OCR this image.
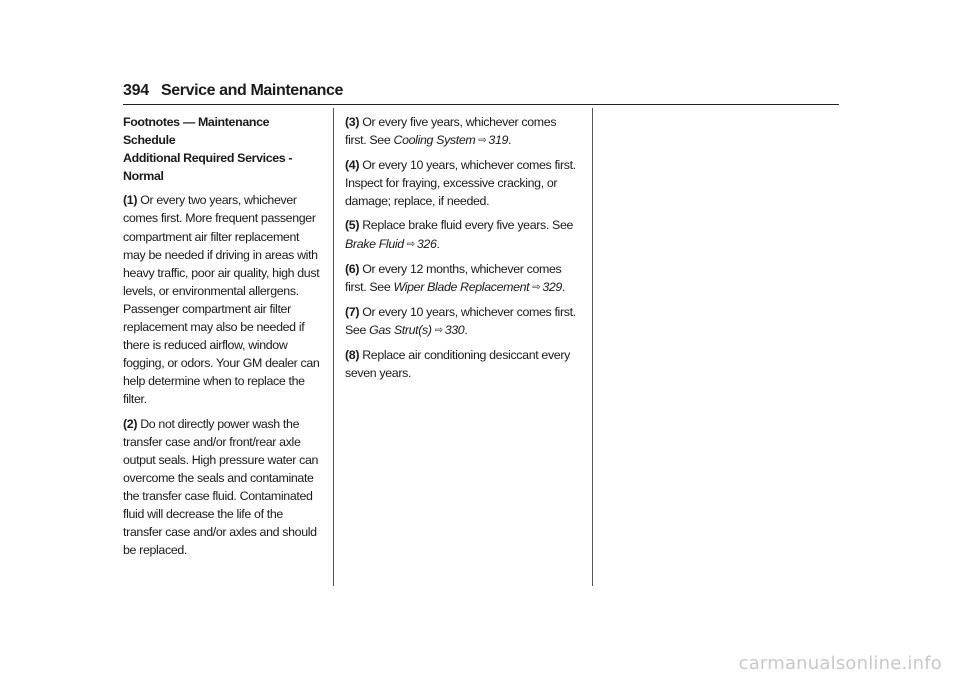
394 Service and Maintenance
Footnotes — Maintenance Schedule
Additional Required Services - Normal

(1) Or every two years, whichever comes first. More frequent passenger compartment air filter replacement may be needed if driving in areas with heavy traffic, poor air quality, high dust levels, or environmental allergens. Passenger compartment air filter replacement may also be needed if there is reduced airflow, window fogging, or odors. Your GM dealer can help determine when to replace the filter.

(2) Do not directly power wash the transfer case and/or front/rear axle output seals. High pressure water can overcome the seals and contaminate the transfer case fluid. Contaminated fluid will decrease the life of the transfer case and/or axles and should be replaced.

(3) Or every five years, whichever comes first. See Cooling System ⇨ 319.

(4) Or every 10 years, whichever comes first. Inspect for fraying, excessive cracking, or damage; replace, if needed.

(5) Replace brake fluid every five years. See Brake Fluid ⇨ 326.

(6) Or every 12 months, whichever comes first. See Wiper Blade Replacement ⇨ 329.

(7) Or every 10 years, whichever comes first. See Gas Strut(s) ⇨ 330.

(8) Replace air conditioning desiccant every seven years.

carmanualsonline.info
